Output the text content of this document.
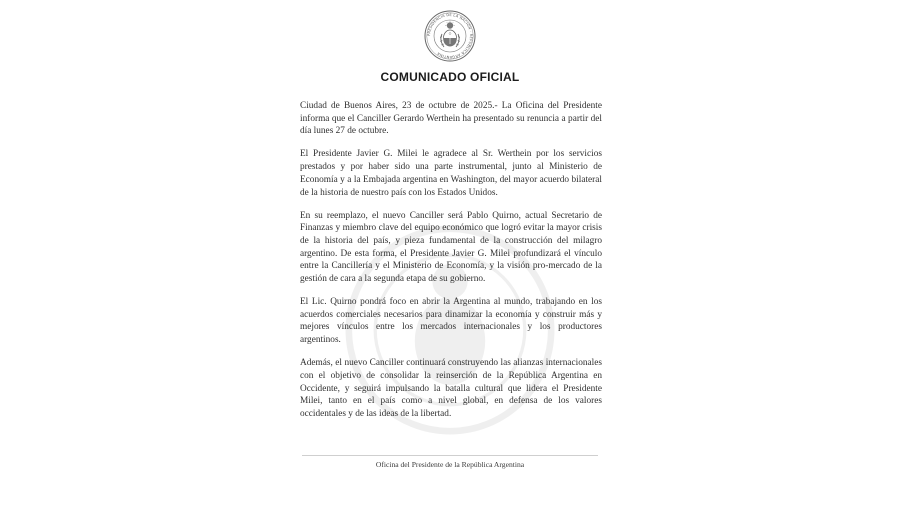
PRESIDENCIA DE LA NACIÓN · REPÚBLICA ARGENTINA
COMUNICADO OFICIAL

Ciudad de Buenos Aires, 23 de octubre de 2025.- La Oficina del Presidente informa que el Canciller Gerardo Werthein ha presentado su renuncia a partir del día lunes 27 de octubre.

El Presidente Javier G. Milei le agradece al Sr. Werthein por los servicios prestados y por haber sido una parte instrumental, junto al Ministerio de Economía y a la Embajada argentina en Washington, del mayor acuerdo bilateral de la historia de nuestro país con los Estados Unidos.

En su reemplazo, el nuevo Canciller será Pablo Quirno, actual Secretario de Finanzas y miembro clave del equipo económico que logró evitar la mayor crisis de la historia del país, y pieza fundamental de la construcción del milagro argentino. De esta forma, el Presidente Javier G. Milei profundizará el vínculo entre la Cancillería y el Ministerio de Economía, y la visión pro-mercado de la gestión de cara a la segunda etapa de su gobierno.

El Lic. Quirno pondrá foco en abrir la Argentina al mundo, trabajando en los acuerdos comerciales necesarios para dinamizar la economía y construir más y mejores vínculos entre los mercados internacionales y los productores argentinos.

Además, el nuevo Canciller continuará construyendo las alianzas internacionales con el objetivo de consolidar la reinserción de la República Argentina en Occidente, y seguirá impulsando la batalla cultural que lidera el Presidente Milei, tanto en el país como a nivel global, en defensa de los valores occidentales y de las ideas de la libertad.

Oficina del Presidente de la República Argentina
